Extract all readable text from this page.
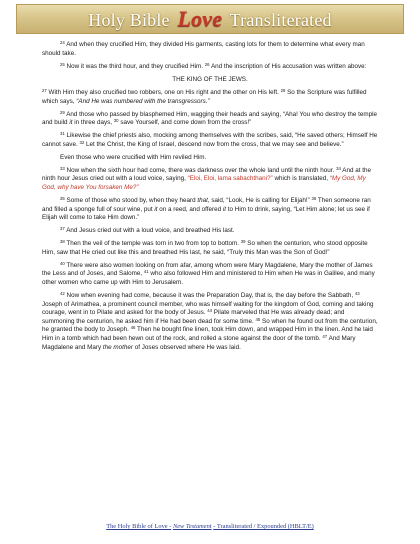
Holy Bible Love Transliterated

$^{24}$ And when they crucified Him, they divided His garments, casting lots for them to determine what every man should take.

$^{25}$ Now it was the third hour, and they crucified Him. $^{26}$ And the inscription of His accusation was written above:

THE KING OF THE JEWS.

$^{27}$ With Him they also crucified two robbers, one on His right and the other on His left. $^{28}$ So the Scripture was fulfilled which says, “And He was numbered with the transgressors.”

$^{29}$ And those who passed by blasphemed Him, wagging their heads and saying, “Aha! You who destroy the temple and build it in three days, $^{30}$ save Yourself, and come down from the cross!”

$^{31}$ Likewise the chief priests also, mocking among themselves with the scribes, said, “He saved others; Himself He cannot save. $^{32}$ Let the Christ, the King of Israel, descend now from the cross, that we may see and believe.”

Even those who were crucified with Him reviled Him.

$^{33}$ Now when the sixth hour had come, there was darkness over the whole land until the ninth hour. $^{34}$ And at the ninth hour Jesus cried out with a loud voice, saying, “Eloi, Eloi, lama sabachthani?” which is translated, “My God, My God, why have You forsaken Me?”

$^{35}$ Some of those who stood by, when they heard that, said, “Look, He is calling for Elijah!” $^{36}$ Then someone ran and filled a sponge full of sour wine, put it on a reed, and offered it to Him to drink, saying, “Let Him alone; let us see if Elijah will come to take Him down.”

$^{37}$ And Jesus cried out with a loud voice, and breathed His last.

$^{38}$ Then the veil of the temple was torn in two from top to bottom. $^{39}$ So when the centurion, who stood opposite Him, saw that He cried out like this and breathed His last, he said, “Truly this Man was the Son of God!”

$^{40}$ There were also women looking on from afar, among whom were Mary Magdalene, Mary the mother of James the Less and of Joses, and Salome, $^{41}$ who also followed Him and ministered to Him when He was in Galilee, and many other women who came up with Him to Jerusalem.

$^{42}$ Now when evening had come, because it was the Preparation Day, that is, the day before the Sabbath, $^{43}$ Joseph of Arimathea, a prominent council member, who was himself waiting for the kingdom of God, coming and taking courage, went in to Pilate and asked for the body of Jesus. $^{44}$ Pilate marveled that He was already dead; and summoning the centurion, he asked him if He had been dead for some time. $^{45}$ So when he found out from the centurion, he granted the body to Joseph. $^{46}$ Then he bought fine linen, took Him down, and wrapped Him in the linen. And he laid Him in a tomb which had been hewn out of the rock, and rolled a stone against the door of the tomb. $^{47}$ And Mary Magdalene and Mary the mother of Joses observed where He was laid.

The Holy Bible of Love - New Testament - Transliterated / Expounded (HBLT/E)
